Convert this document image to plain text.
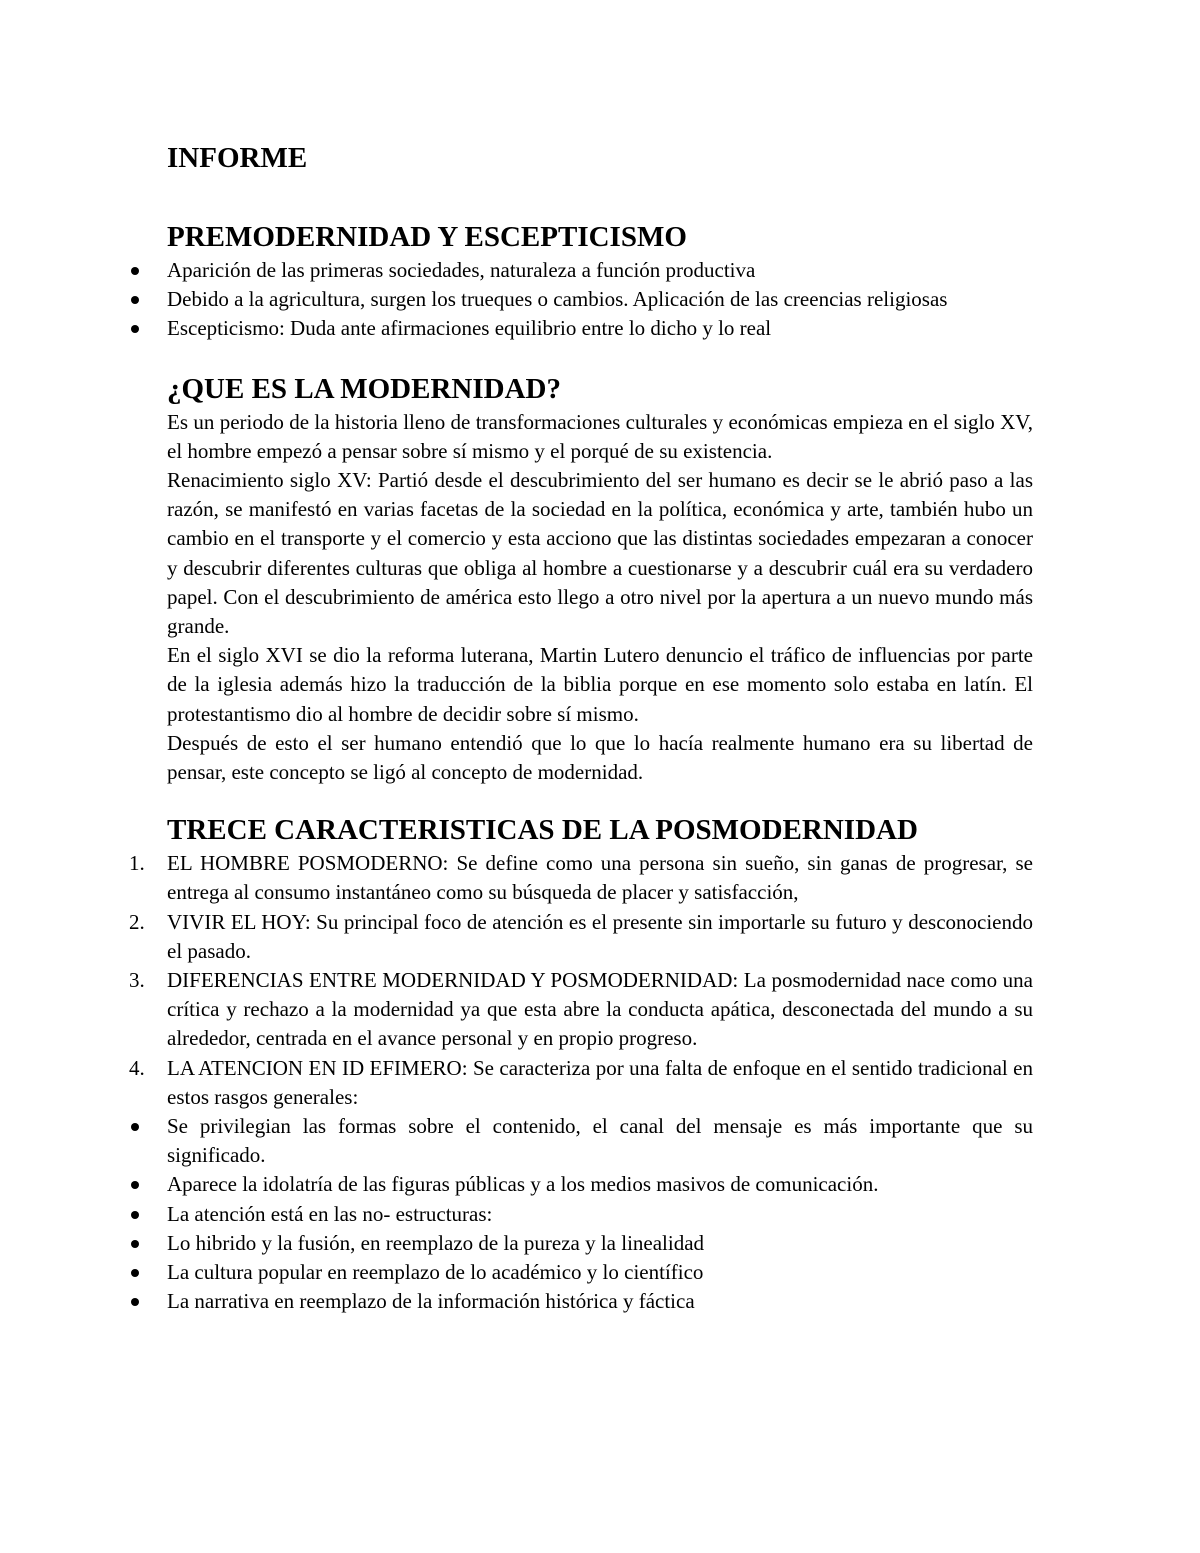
INFORME
PREMODERNIDAD Y ESCEPTICISMO
Aparición de las primeras sociedades, naturaleza a función productiva
Debido a la agricultura, surgen los trueques o cambios. Aplicación de las creencias religiosas
Escepticismo: Duda ante afirmaciones equilibrio entre lo dicho y lo real
¿QUE ES LA MODERNIDAD?

Es un periodo de la historia lleno de transformaciones culturales y económicas empieza en el siglo XV, el hombre empezó a pensar sobre sí mismo y el porqué de su existencia.

Renacimiento siglo XV: Partió desde el descubrimiento del ser humano es decir se le abrió paso a las razón, se manifestó en varias facetas de la sociedad en la política, económica y arte, también hubo un cambio en el transporte y el comercio y esta acciono que las distintas sociedades empezaran a conocer y descubrir diferentes culturas que obliga al hombre a cuestionarse y a descubrir cuál era su verdadero papel. Con el descubrimiento de américa esto llego a otro nivel por la apertura a un nuevo mundo más grande.

En el siglo XVI se dio la reforma luterana, Martin Lutero denuncio el tráfico de influencias por parte de la iglesia además hizo la traducción de la biblia porque en ese momento solo estaba en latín. El protestantismo dio al hombre de decidir sobre sí mismo.

Después de esto el ser humano entendió que lo que lo hacía realmente humano era su libertad de pensar, este concepto se ligó al concepto de modernidad.

TRECE CARACTERISTICAS DE LA POSMODERNIDAD
1.	EL HOMBRE POSMODERNO: Se define como una persona sin sueño, sin ganas de progresar, se entrega al consumo instantáneo como su búsqueda de placer y satisfacción,
2.	VIVIR EL HOY: Su principal foco de atención es el presente sin importarle su futuro y desconociendo el pasado.
3.	DIFERENCIAS ENTRE MODERNIDAD Y POSMODERNIDAD: La posmodernidad nace como una crítica y rechazo a la modernidad ya que esta abre la conducta apática, desconectada del mundo a su alrededor, centrada en el avance personal y en propio progreso.
4.	LA ATENCION EN ID EFIMERO: Se caracteriza por una falta de enfoque en el sentido tradicional en estos rasgos generales:
Se privilegian las formas sobre el contenido, el canal del mensaje es más importante que su significado.
Aparece la idolatría de las figuras públicas y a los medios masivos de comunicación.
La atención está en las no- estructuras:
Lo hibrido y la fusión, en reemplazo de la pureza y la linealidad
La cultura popular en reemplazo de lo académico y lo científico
La narrativa en reemplazo de la información histórica y fáctica
